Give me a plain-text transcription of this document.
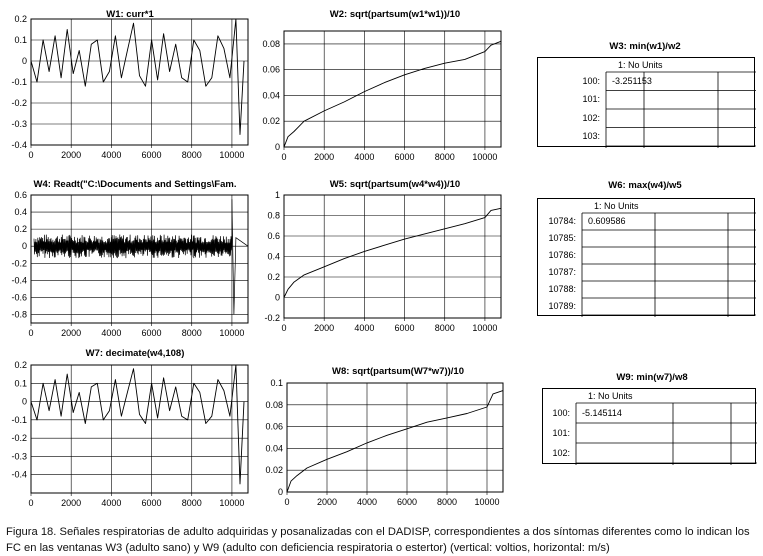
W1: curr*1
0.2
0.1
0
-0.1
-0.2
-0.3
-0.4
0	2000 4000 6000 8000 10000
W2: sqrt(partsum(w1*w1))/10
0
0.02
0.04
0.06
0.08
0	2000 4000 6000 8000 10000
W3: min(w1)/w2
1: No Units
100: -3.251153
101:
102:
103:
W4: Readt("C:\Documents and Settings\Fam.
0.6
0.4
0.2
0
-0.2
-0.4
-0.6
-0.8
0	2000 4000 6000 8000 10000
W5: sqrt(partsum(w4*w4))/10
1
0.8
0.6
0.4
0.2
0
-0.2
0	2000 4000 6000 8000 10000
W6: max(w4)/w5
1: No Units
10784: 0.609586
10785:
10786:
10787:
10788:
10789:
W7: decimate(w4,108)
0.2
0.1
0
-0.1
-0.2
-0.3
-0.4
0	2000 4000 6000 8000 10000
W8: sqrt(partsum(W7*w7))/10
0
0.02
0.04
0.06
0.08
0.1
0	2000 4000 6000 8000 10000
W9: min(w7)/w8
1: No Units
100: -5.145114
101:
102:

Figura 18. Señales respiratorias de adulto adquiridas y posanalizadas con el DADISP, correspondientes a dos síntomas diferentes como lo indican los FC en las ventanas W3 (adulto sano) y W9 (adulto con deficiencia respiratoria o estertor) (vertical: voltios, horizontal: m/s)
